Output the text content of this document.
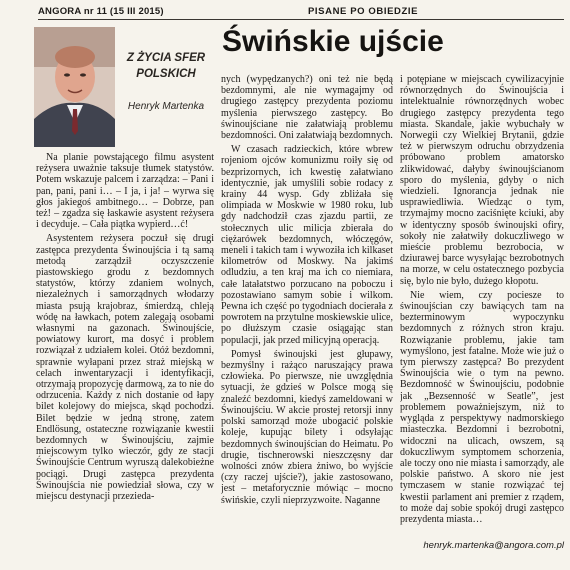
ANGORA nr 11 (15 III 2015)	PISANE PO OBIEDZIE
Z ŻYCIA SFER POLSKICH
Henryk Martenka
Świńskie ujście

Na planie powstającego filmu asystent reżysera uważnie taksuje tłumek statystów. Potem wskazuje palcem i zarządza: – Pani i pan, pani, pani i… – I ja, i ja! – wyrwa się głos jakiegoś ambitnego… – Dobrze, pan też! – zgadza się łaskawie asystent reżysera i decyduje. – Cała piątka wypierd…ć!

Asystentem reżysera poczuł się drugi zastępca prezydenta Świnoujścia i tą samą metodą zarządził oczyszczenie piastowskiego grodu z bezdomnych statystów, którzy zdaniem wolnych, niezależnych i samorządnych włodarzy miasta psują krajobraz, śmierdzą, chleją wódę na ławkach, potem zalegają osobami własnymi na gazonach. Świnoujście, powiatowy kurort, ma dosyć i problem rozwiązał z udziałem kolei. Otóż bezdomni, sprawnie wyłapani przez straż miejską w celach inwentaryzacji i identyfikacji, otrzymają propozycję darmową, za to nie do odrzucenia. Każdy z nich dostanie od łapy bilet kolejowy do miejsca, skąd pochodzi. Bilet będzie w jedną stronę, zatem Endlösung, ostateczne rozwiązanie kwestii bezdomnych w Świnoujściu, zajmie miejscowym tylko wieczór, gdy ze stacji Świnoujście Centrum wyruszą dalekobieżne pociągi. Drugi zastępca prezydenta Świnoujścia nie powiedział słowa, czy w miejscu destynacji przezieda-

nych (wypędzanych?) oni też nie będą bezdomnymi, ale nie wymagajmy od drugiego zastępcy prezydenta poziomu myślenia pierwszego zastępcy. Bo świnoujściane nie załatwiają problemu bezdomności. Oni załatwiają bezdomnych.

W czasach radzieckich, które wbrew rojeniom ojców komunizmu roiły się od bezprizornych, ich kwestię załatwiano identycznie, jak umyślili sobie rodacy z krainy 44 wysp. Gdy zbliżała się olimpiada w Moskwie w 1980 roku, lub gdy nadchodził czas zjazdu partii, ze stołecznych ulic milicja zbierała do ciężarówek bezdomnych, włóczęgów, meneli i takich tam i wywoziła ich kilkaset kilometrów od Moskwy. Na jakimś odludziu, a ten kraj ma ich co niemiara, całe latałatstwo porzucano na poboczu i pozostawiano samym sobie i wilkom. Pewna ich część po tygodniach docierała z powrotem na przytulne moskiewskie ulice, po dłuższym czasie osiągając stan populacji, jak przed milicyjną operacją.

Pomysł świnoujski jest głupawy, bezmyślny i rażąco naruszający prawa człowieka. Po pierwsze, nie uwzględnia sytuacji, że gdzieś w Polsce mogą się znaleźć bezdomni, kiedyś zameldowani w Świnoujściu. W akcie prostej retorsji inny polski samorząd może ubogacić polskie koleje, kupując bilety i odsyłając bezdomnych świnoujścian do Heimatu. Po drugie, tischnerowski nieszczęsny dar wolności znów zbiera żniwo, bo wyjście (czy raczej ujście?), jakie zastosowano, jest – metaforycznie mówiąc – mocno świńskie, czyli nieprzyzwoite. Naganne

i potępiane w miejscach cywilizacyjnie równorzędnych do Świnoujścia i intelektualnie równorzędnych wobec drugiego zastępcy prezydenta tego miasta. Skandale, jakie wybuchały w Norwegii czy Wielkiej Brytanii, gdzie też w pierwszym odruchu obrzydzenia próbowano problem amatorsko zlikwidować, dałyby świnoujścianom sporo do myślenia, gdyby o nich wiedzieli. Ignorancja jednak nie usprawiedliwia. Wiedząc o tym, trzymajmy mocno zaciśnięte kciuki, aby w identyczny sposób świnoujski ofiry, sokoły nie załatwiły dokuczliwego w mieście problemu bezrobocia, w dziurawej barce wysyłając bezrobotnych na morze, w celu ostatecznego pozbycia się, bylo nie było, dużego kłopotu.

Nie wiem, czy pociesze to świnoujścian czy bawiących tam na bezterminowym wypoczynku bezdomnych z różnych stron kraju. Rozwiązanie problemu, jakie tam wymyślono, jest fatalne. Może wie już o tym pierwszy zastępca? Bo prezydent Świnoujścia wie o tym na pewno. Bezdomność w Świnoujściu, podobnie jak „Bezsenność w Seatle”, jest problemem poważniejszym, niż to wygląda z perspektywy nadmorskiego miasteczka. Bezdomni i bezrobotni, widoczni na ulicach, owszem, są dokuczliwym symptomem schorzenia, ale toczy ono nie miasta i samorządy, ale polskie państwo. A skoro nie jest tymczasem w stanie rozwiązać tej kwestii parlament ani premier z rządem, to może daj sobie spokój drugi zastępco prezydenta miasta…

henryk.martenka@angora.com.pl
